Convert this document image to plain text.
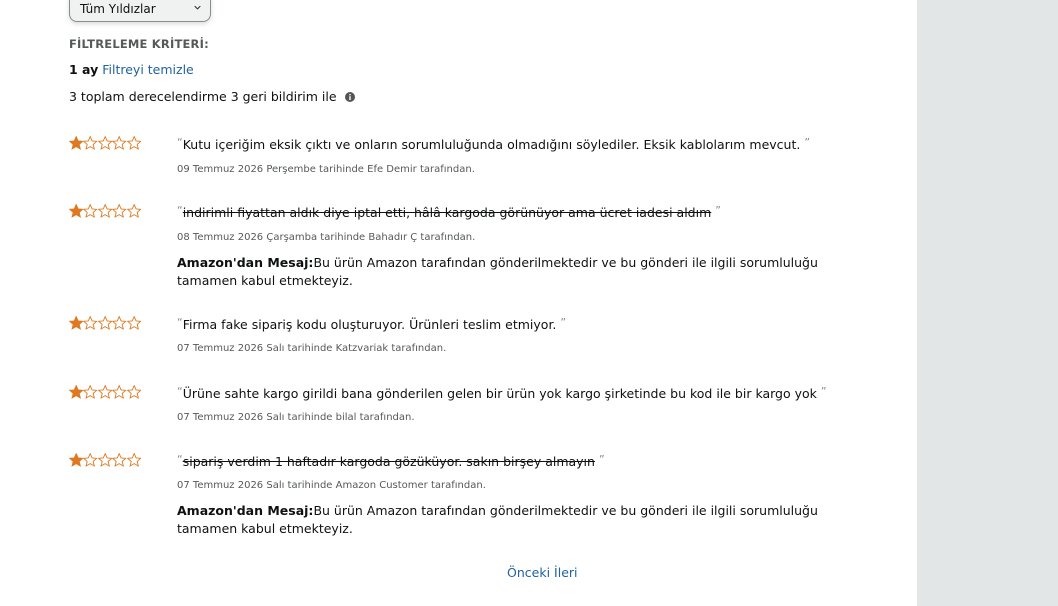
Tüm Yıldızlar
FİLTRELEME KRİTERİ:
1 ay Filtreyi temizle
3 toplam derecelendirme 3 geri bildirim ile
“Kutu içeriğim eksik çıktı ve onların sorumluluğunda olmadığını söylediler. Eksik kablolarım mevcut. ”
09 Temmuz 2026 Perşembe tarihinde Efe Demir tarafından.
“indirimli fiyattan aldık diye iptal etti, hâlâ kargoda görünüyor ama ücret iadesi aldım ”
08 Temmuz 2026 Çarşamba tarihinde Bahadır Ç tarafından.
Amazon'dan Mesaj:Bu ürün Amazon tarafından gönderilmektedir ve bu gönderi ile ilgili sorumluluğu tamamen kabul etmekteyiz.
“Firma fake sipariş kodu oluşturuyor. Ürünleri teslim etmiyor. ”
07 Temmuz 2026 Salı tarihinde Katzvariak tarafından.
“Ürüne sahte kargo girildi bana gönderilen gelen bir ürün yok kargo şirketinde bu kod ile bir kargo yok ”
07 Temmuz 2026 Salı tarihinde bilal tarafından.
“sipariş verdim 1 haftadır kargoda gözüküyor. sakın birşey almayın ”
07 Temmuz 2026 Salı tarihinde Amazon Customer tarafından.
Amazon'dan Mesaj:Bu ürün Amazon tarafından gönderilmektedir ve bu gönderi ile ilgili sorumluluğu tamamen kabul etmekteyiz.
Önceki İleri
